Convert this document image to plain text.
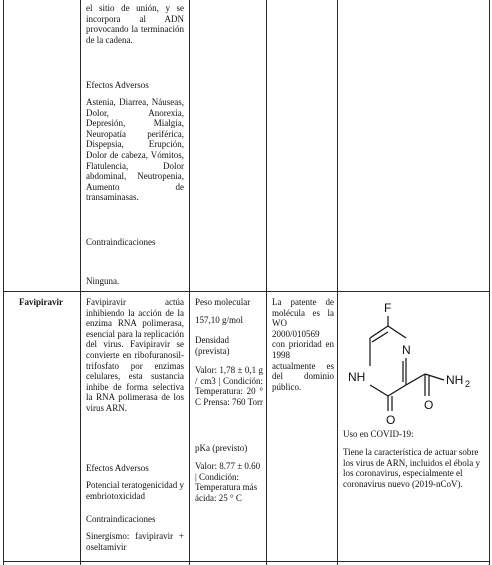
el sitio de unión, y se incorpora al ADN provocando la terminación de la cadena.

Efectos Adversos

Astenia, Diarrea, Náuseas, Dolor, Anorexia, Depresión, Mialgia, Neuropatía periférica, Dispepsia, Erupción, Dolor de cabeza, Vómitos, Flatulencia, Dolor abdominal, Neutropenia, Aumento de transaminasas.

Contraindicaciones

Ninguna.

Favipiravir	Favipiravir actúa inhibiendo la acción de la enzima RNA polimerasa, esencial para la replicación del virus. Favipiravir se convierte en ribofuranosil-trifosfato por enzimas celulares, esta sustancia inhibe de forma selectiva la RNA polimerasa de los virus ARN.

Efectos Adversos

Potencial teratogenicidad y embriotoxicidad

Contraindicaciones

Sinergismo: favipiravir + oseltamivir

Peso molecular

157,10 g/mol

Densidad (prevista)

Valor: 1,78 ± 0,1 g / cm3 | Condición: Temperatura: 20 ° C Prensa: 760 Torr

pKa (previsto)

Valor: 8.77 ± 0.60 | Condición: Temperatura más ácida: 25 ° C

La patente de molécula es la WO 2000/010569 con prioridad en 1998 actualmente es del dominio público.

F
N
NH	NH 2
O
O

Uso en COVID-19:

Tiene la característica de actuar sobre los virus de ARN, incluidos el ébola y los coronavirus, especialmente el coronavirus nuevo (2019-nCoV).
